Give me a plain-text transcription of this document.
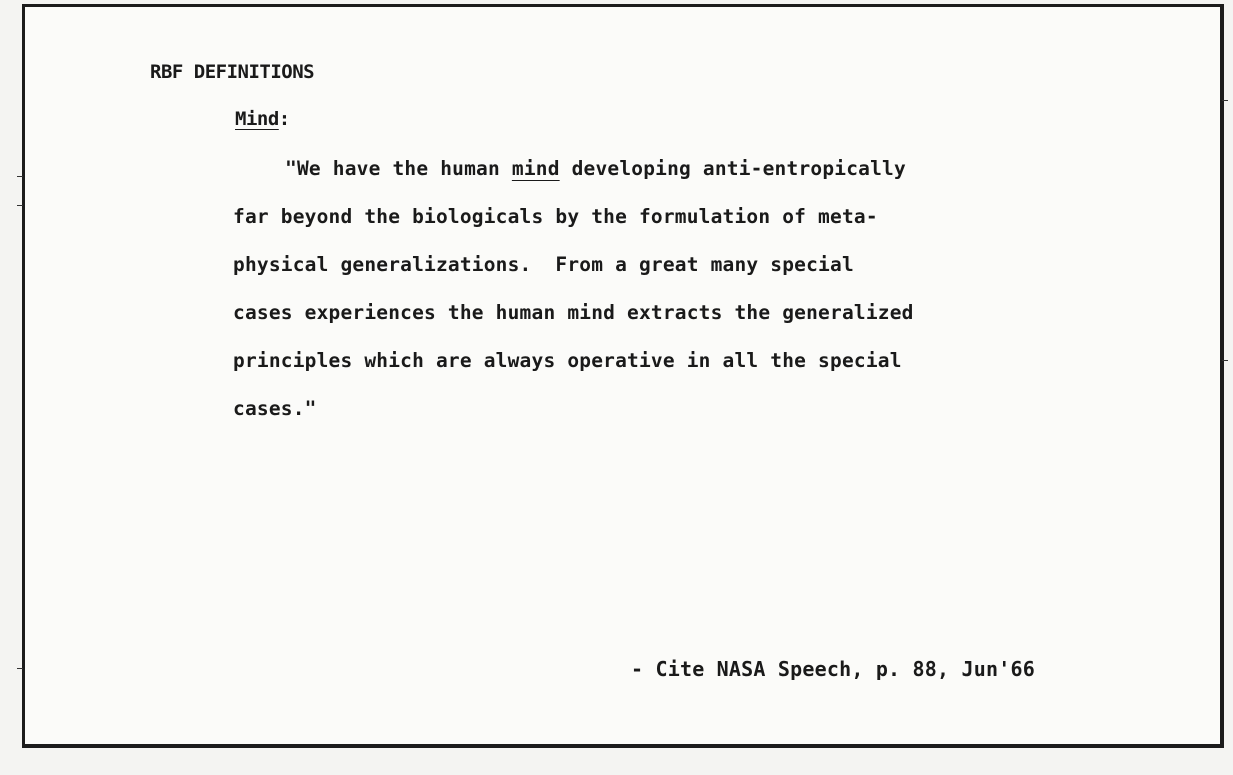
RBF DEFINITIONS
Mind:
"We have the human mind developing anti-entropically
far beyond the biologicals by the formulation of meta-
physical generalizations.  From a great many special
cases experiences the human mind extracts the generalized
principles which are always operative in all the special
cases."
- Cite NASA Speech, p. 88, Jun'66
